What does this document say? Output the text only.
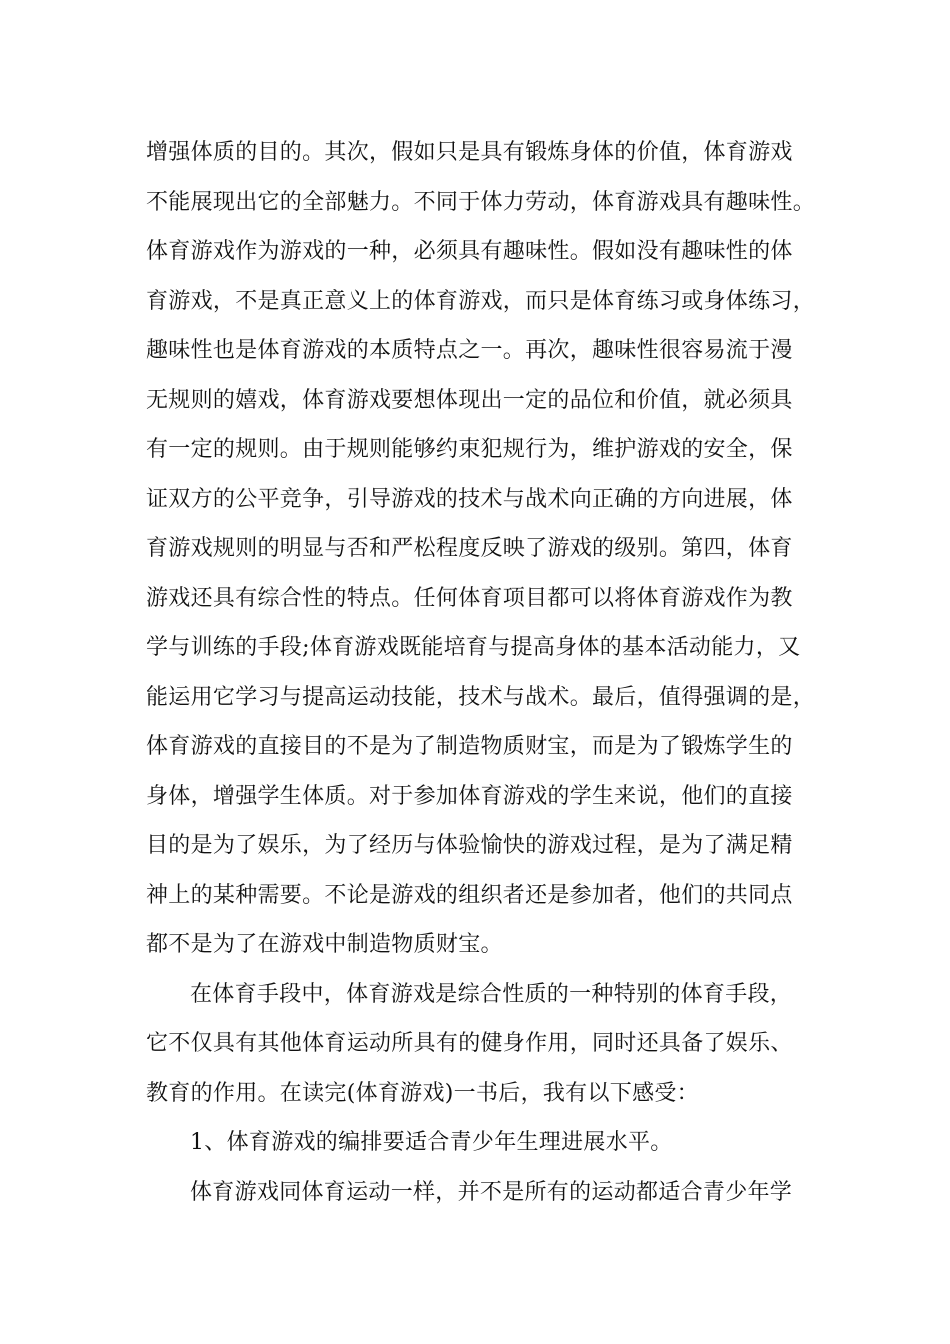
增强体质的目的。其次，假如只是具有锻炼身体的价值，体育游戏
不能展现出它的全部魅力。不同于体力劳动，体育游戏具有趣味性。
体育游戏作为游戏的一种，必须具有趣味性。假如没有趣味性的体
育游戏，不是真正意义上的体育游戏，而只是体育练习或身体练习，
趣味性也是体育游戏的本质特点之一。再次，趣味性很容易流于漫
无规则的嬉戏，体育游戏要想体现出一定的品位和价值，就必须具
有一定的规则。由于规则能够约束犯规行为，维护游戏的安全，保
证双方的公平竞争，引导游戏的技术与战术向正确的方向进展，体
育游戏规则的明显与否和严松程度反映了游戏的级别。第四，体育
游戏还具有综合性的特点。任何体育项目都可以将体育游戏作为教
学与训练的手段;体育游戏既能培育与提高身体的基本活动能力，又
能运用它学习与提高运动技能，技术与战术。最后，值得强调的是，
体育游戏的直接目的不是为了制造物质财宝，而是为了锻炼学生的
身体，增强学生体质。对于参加体育游戏的学生来说，他们的直接
目的是为了娱乐，为了经历与体验愉快的游戏过程，是为了满足精
神上的某种需要。不论是游戏的组织者还是参加者，他们的共同点
都不是为了在游戏中制造物质财宝。
在体育手段中，体育游戏是综合性质的一种特别的体育手段，
它不仅具有其他体育运动所具有的健身作用，同时还具备了娱乐、
教育的作用。在读完(体育游戏)一书后，我有以下感受：
1、体育游戏的编排要适合青少年生理进展水平。
体育游戏同体育运动一样，并不是所有的运动都适合青少年学
